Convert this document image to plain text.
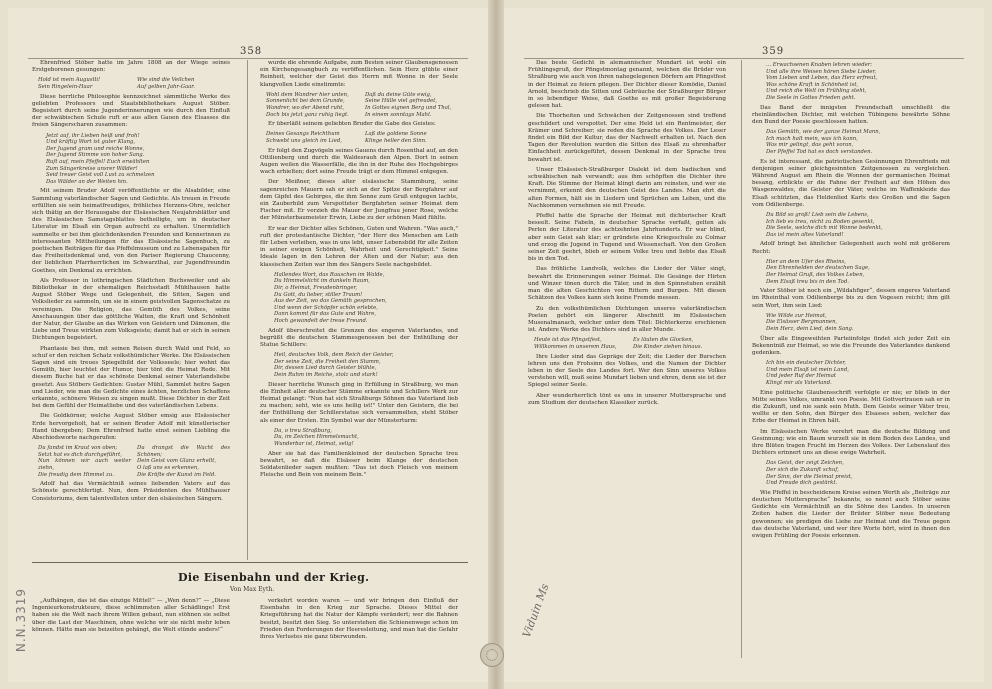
358

Ehrenfried Stöber hatte im Jahre 1808 an der Wiege seines Erstgeborenen gesungen:

Hold ist mein Augustli!
Sein Ringelein-Haar
Wie sind die Veilchen
Auf gelben Jahr-Gaar.

Diese herrliche Philosophie kennzeichnet sämmtliche Werke des geliebten Professors und Staatsbibliothekars August Stöber. Begeistert durch seine Jugenderinnerungen wie durch den Einfluß der schwäbischen Schule ruft er aus allen Gauen des Elsasses die freien Sängerscharen zusammen:

Jetzt auf, ihr Lieben heiß und froh!
Und kräftig Wort ist guter Klang,
Der Jugend gram und reiche Wonne,
Der Jugend Stimme von hoher Sang.
Ruft auf, mein Pfeffel! Euch erwählten
Zum Sängerkreise unsrer Wälder!
Seid treuer Geist voll Lust zu schmelzen
Das Wälder an der Weiten hin.

Mit seinem Bruder Adolf veröffentlichte er die Alsabilder, eine Sammlung vaterländischer Sagen und Gedichte. Als treuen in Freude erfüllten sie sein heimatfreudiges, fröhliches Herzens-Ohre, welcher sich thätig an der Herausgabe der Elsässischen Neujahrsblätter und des Elsässischen Samstagsblattes betheiligte, um in deutscher Literatur im Elsaß ein Organ aufrecht zu erhalten. Unermüdlich sammelte er bei ihm gleichdenkenden Freunden und Kennerinnen zu interessanten Mittheilungen für das Elsässische Sagenbuch, zu poetischen Beiträgen für das Pfeffelmuseum und zu Lebensgaben für das Freiheitsdenkmal und, von den Pariser Regierung Chaucenny, der lieblichen Pfarrherrlichen im Schwarzthal, zur Jugendfreundin Goethes, ein Denkmal zu errichten.

Als Professor in lothringischen Städtchen Buchsweiler und als Bibliothekar in der ehemaligen Reichsstadt Mühlhausen hatte August Stöber Wege und Gelegenheit, die Sitten, Sagen und Volkslieder zu sammeln, um sie in einem geistvollen Sagenschatze zu vereinigen. Die Religion, das Gemüth des Volkes, seine Anschauungen über das göttliche Walten, die Kraft und Schönheit der Natur, der Glaube an das Wirken von Geistern und Dämonen, die Liebe und Treue wirkten zum Volksgeiste; damit hat er sich in seinen Dichtungen begeistert.

Phantasie bei ihm, mit seinen Reisen durch Wald und Feld, so schuf er den reichen Schatz volksthümlicher Werke. Die Elsässischen Sagen sind ein treues Spiegelbild der Volksseele; hier wohnt das Gemüth, hier leuchtet der Humor, hier tönt die Heimat Rede. Mit diesem Buche hat er das schönste Denkmal seiner Vaterlandsliebe gesetzt. Aus Stöbers Gedichten: Gustav Mühl, Sammlet heitre Sagen und Lieder, wie man die Gedichte eines ächten, herzlichen Schaffens erkannte, schönere Weisen zu singen mußt. Diese Dichter in der Zeit bei dem Gefühl der Heimatliebe und des vaterländischen Lebens.

Die Goldkörner, welche August Stöber emsig aus Elsässischer Erde hervorgeholt, hat er seinen Bruder Adolf mit künstlerischer Hand übergeben; Dem Ehrenfried hatte einst seinen Liebling die Abschiedsworte nachgerufen:

Du fandst im Kraut von oben;
Setzt hat es dich durchgeführt,
Nun können wir auch weiter ziehn,
Die freudig dem Himmel zu.
Du drangst die Wacht des Schönen;
Dein Geist vom Glanz erhellt,
O laß uns es erkennen,
Die Kräfte der Kunst im Feld.

Adolf hat das Vermächtniß seines liebenden Vaters auf das Schönste gerechtfertigt. Nun, dem Präsidenten des Mühlhauser Consistoriums, dem talentvollsten unter den elsässischen Sängern.

wurde die ehrende Aufgabe, zum Besten seiner Glaubensgenossen ein Kirchengesangbuch zu veröffentlichen. Sein Herz glühte einer Reinheit, welcher der Geist des Herrn mit Wonne in der Seele klangvollen Liede einstimmte:

Wohl dem Wandrer hier unten,
Sonnenlicht bei dem Grunde,
Wandrer, wo der Abend ruht,
Doch bis jetzt ganz ruhig liegt.
Daß du deine Güte ewig,
Seine Hülle viel gefreudet,
In Gottes eignen Berg und Thal,
In einem sonntags Mahl.

Er überläßt seinem geliebten Bruder die Gabe des Geistes:

Deines Gesangs Reichthum
Schwebt uns gleich im Lied,
Laß die goldene Sonne
Klinge heller den Sinn.

Er folgt den Zugvögeln seines Gauens durch Rosenthal auf, an den Ottilienberg und durch die Waldesrauh den Alpen. Dort in seinen Augen weilen die Wasserfälle, die ihn in der Ruhe des Hochgebirges wach erhielten; dort seine Freude trägt er dem Himmel entgegen.

Der Meißner, dieses alter elsässische Stammburg, seine sagenreichen Mauern sah er sich an der Spitze der Bergfahrer auf dem Gipfel des Gebirges, die ihm Sonne zum Gruß entgegen lachte, ein Zauberbild zum Verspotteter Bergfahrten seiner Heimat dem Fischer mit. Er verzieh die Mauer der Jungfrau jener Rose, welche der Münsterbaumeister Erwin, Liebe zu der schönen Maid fühlte.

Er war der Dichter alles Schönen, Guten und Wahren. "Was auch," ruft der protestantische Dichter, "der Herr des Menschen am Leib für Leben verleihen, was in uns lebt, unser Lebensbild für alle Zeiten in seiner ewigen Schönheit, Wahrheit und Gerechtigkeit." Seine Ideale lagen in den Lehren der Alten und der Natur; aus den klassischen Zeiten war ihm des Sängers Seele nachgebildet.

Hallendes Wort, das Rauschen im Walde,
Du Himmelslicht im dunkeln Raum,
Dir, o Heimat, Freudenbringer,
Du Gott, du lieber, stiller Traum!
Aus der Zeit, wo das Gemüth gesprochen,
Und wenn der Schöpfer schön erlebte,
Dann kommt für das Gute und Wahre,
Hoch gewandelt der treue Freund.

Adolf überschreitet die Grenzen des engeren Vaterlandes, und begrüßt die deutschen Stammesgenossen bei der Enthüllung der Statue Schillers:

Heil, deutsches Volk, dem Reich der Geister,
Der seine Zeit, die Freiheit den Stamm,
Dir, dessen Lied durch Geister blühte,
Dein Ruhm im Reiche, stolz und stark!

Dieser herrliche Wunsch ging in Erfüllung in Straßburg, wo man die Einheit aller deutscher Stämme erkannte und Schillers Werk zur Heimat gelangt: "Nun hat sich Straßburgs Söhnen das Vaterland lieb zu machen; seht, wie es uns heilig ist!" Unter den Geistern, die bei der Enthüllung der Schillerstatue sich versammelten, steht Stöber als einer der Ersten. Ein Symbol war der Münsterturm:

Da, o treu Straßburg,
Du, im Zeichen Himmelsmacht,
Wunderbar ist, Heimat, selig!

Aber sie hat das Familienkleinod der deutschen Sprache treu bewahrt, so daß die Elsässer beim Klange der deutschen Soldatenlieder sagen mußten: "Das ist doch Fleisch von meinem Fleische und Bein von meinem Bein."

Die Eisenbahn und der Krieg.
Von Max Eyth.

„Aufhängen, das ist das einzige Mittel!“ — „Wen denn?“ — „Diese Ingenieurkonstrukteure, diese schlimmsten aller Schädlinge! Erst haben sie die Welt nach ihrem Willen gebaut, nun stöhnen sie selbst über die Last der Maschinen, ohne welche wir sie nicht mehr leben können. Hätte man sie beizeiten gehängt, die Welt stünde anders!“

verkehrt worden waren — und wir bringen den Einfluß der Eisenbahn in den Krieg zur Sprache. Dieses Mittel der Kriegsführung hat die Natur der Kämpfe verändert; wer die Bahnen besitzt, besitzt den Sieg. So unterstehen die Schienenwege schon im Frieden den Forderungen der Heeresleitung, und man hat die Gefahr ihres Verlustes nie ganz überwunden.

359

Das beste Gedicht in alemannischer Mundart ist wohl ein Frühlingsgruß, der Pfingstmontag genannt, welchen die Brüder von Straßburg wie auch von ihren nahegelegenen Dörfern am Pfingstfest in der Heimat zu feiern pflegen. Der Dichter dieser Komödie, Daniel Arnold, beschrieb die Sitten und Gebräuche der Straßburger Bürger in so lebendiger Weise, daß Goethe es mit großer Begeisterung gelesen hat.

Die Thorheiten und Schwächen der Zeitgenossen sind treffend geschildert und verspottet. Der eine Held ist ein Rentmeister, der Krämer und Schreiber; sie reden die Sprache des Volkes. Der Leser findet ein Bild der Kultur, das der Nachwelt erhalten ist. Nach den Tagen der Revolution wurden die Sitten des Elsaß zu ehrenhafter Einfachheit zurückgeführt, dessen Denkmal in der Sprache treu bewahrt ist.

Unser Elsässisch-Straßburger Dialekt ist dem badischen und schwäbischen nah verwandt; aus ihm schöpften die Dichter ihre Kraft. Die Stimme der Heimat klingt darin am reinsten, und wer sie vernimmt, erkennt den deutschen Geist des Landes. Man ehrt die alten Formen, hält sie in Liedern und Sprüchen am Leben, und die Nachkommen vernehmen sie mit Freude.

Pfeffel hatte die Sprache der Heimat mit dichterischer Kraft beseelt. Seine Fabeln, in deutscher Sprache verfaßt, gelten als Perlen der Literatur des achtzehnten Jahrhunderts. Er war blind, aber sein Geist sah klar; er gründete eine Kriegsschule zu Colmar und erzog die Jugend in Tugend und Wissenschaft. Von den Großen seiner Zeit geehrt, blieb er seinem Volke treu und liebte das Elsaß bis in den Tod.

Das fröhliche Landvolk, welches die Lieder der Väter singt, bewahrt die Erinnerungen seiner Heimat. Die Gesänge der Hirten und Winzer tönen durch die Täler, und in den Spinnstuben erzählt man die alten Geschichten von Rittern und Burgen. Mit diesen Schätzen des Volkes kann sich keine Fremde messen.

Zu den volksthümlichen Dichtungen unseres vaterländischen Poeten gehört ein längerer Abschnitt im Elsässischen Musenalmanach, welcher unter dem Titel: Dichterkerze erschienen ist. Andere Werke des Dichters sind in aller Munde.

Heute ist das Pfingstfest,
Willkommen in unserem Haus,
Es läuten die Glocken,
Die Kinder ziehen hinaus.

Ihre Lieder sind das Gepräge der Zeit; die Lieder der Burschen lehren uns den Frohsinn des Volkes, und die Namen der Dichter leben in der Seele des Landes fort. Wer den Sinn unseres Volkes verstehen will, muß seine Mundart lieben und ehren, denn sie ist der Spiegel seiner Seele.

Aber wunderherrlich tönt es uns in unserer Muttersprache und zum Studium der deutschen Klassiker zurück.

... Erwachsenen Knaben lehren wieder:
Und alle ihre Weisen hören Siebe Lieder,
Vom Lieben und Leben, das Herz erfreut,
Was schöne Kraft in Schönheit ist,
Und reich die Welt im Frühling steht,
Die Seele in Gottes Frieden geht.

Das Band der innigsten Freundschaft umschließt die rheinländischen Dichter, mit welchen Tübingens bewährte Söhne den Bund der Poesie geschlossen hatten.

Das Gemüth, wie der ganze Heimat Mann,
Ich mach halt mein, was ich kann,
Was mir gelingt, das geht voran,
Der Pfeffel Tod hat es doch verstanden.

Es ist interessant, die patriotischen Gesinnungen Ehrenfrieds mit denjenigen seiner gleichgesinnten Zeitgenossen zu vergleichen. Während August am Rhein die Wonnen der germanischen Heimat besang, erblickte er die Fahne der Freiheit auf den Höhen des Wasgenwaldes, die Geister der Väter, welche im Waffenkleide das Elsaß schützten, das Heldenlied Karls des Großen und die Sagen vom Odilienberge.

Du Bild so groß! Lieb sein die Lebens,
Ich lieb es treu, nicht zu Boden gesenkt,
Die Seele, welche dich mit Wonne bedenkt,
Das ist mein altes Vaterland!

Adolf bringt bei ähnlicher Gelegenheit auch wohl mit größerem Recht:

Hier an dem Ufer des Rheins,
Den Ehrenhelden der deutschen Sage,
Der Heimat Gruß, des Volkes Leben,
Dem Elsaß treu bis in den Tod.

Vater Stöber ist noch ein „Wildahfiger“, dessen engeres Vaterland im Rheinthal vom Odilienberge bis zu den Vogesen reicht; ihm gilt sein Wort, ihm sein Lied:

Wie Wilde zur Heimat,
Die Elsässer Bergmannen,
Dein Herz, dein Lied, dein Sang.

Über alle Eingeweihten Parteiinfolge findet sich jeder Zeit ein Bekenntniß zur Heimat, so wie die Freunde des Vaterlandes dankend gedenken.

Ich bin ein deutscher Dichter,
Und mein Elsaß ist mein Land,
Und jeder Ruf der Heimat
Klingt mir als Vaterland.

Eine politische Glaubensschrift verfolgte er nie; er blieb in der Mitte seines Volkes, umrankt von Poesie. Mit Gottvertrauen sah er in die Zukunft, und nie sank sein Muth. Dem Geiste seiner Väter treu, wollte er den Sohn, den Bürger des Elsasses sehen, welcher das Erbe der Heimat in Ehren hält.

Im Elsässischen Werke verehrt man die deutsche Bildung und Gesinnung; wie ein Baum wurzelt sie in dem Boden des Landes, und ihre Blüten tragen Frucht im Herzen des Volkes. Der Lebenslauf des Dichters erinnert uns an diese ewige Wahrheit.

Das Geist, der zeigt Zeichen,
Der sich die Zukunft schuf,
Der Sinn, der die Heimat preist,
Und Freude dich gestärkt.

Wie Pfeffel in bescheidenem Kreise seinen Werth als „Beiträge zur deutschen Muttersprache“ bekannte, so nennt auch Stöber seine Gedichte ein Vermächtniß an die Söhne des Landes. In unseren Zeiten haben die Lieder der Brüder Stöber neue Bedeutung gewonnen; sie predigen die Liebe zur Heimat und die Treue gegen das deutsche Vaterland, und wer ihre Worte hört, wird in ihnen den ewigen Frühling der Poesie erkennen.

N.N.3319	Viduin Ms
